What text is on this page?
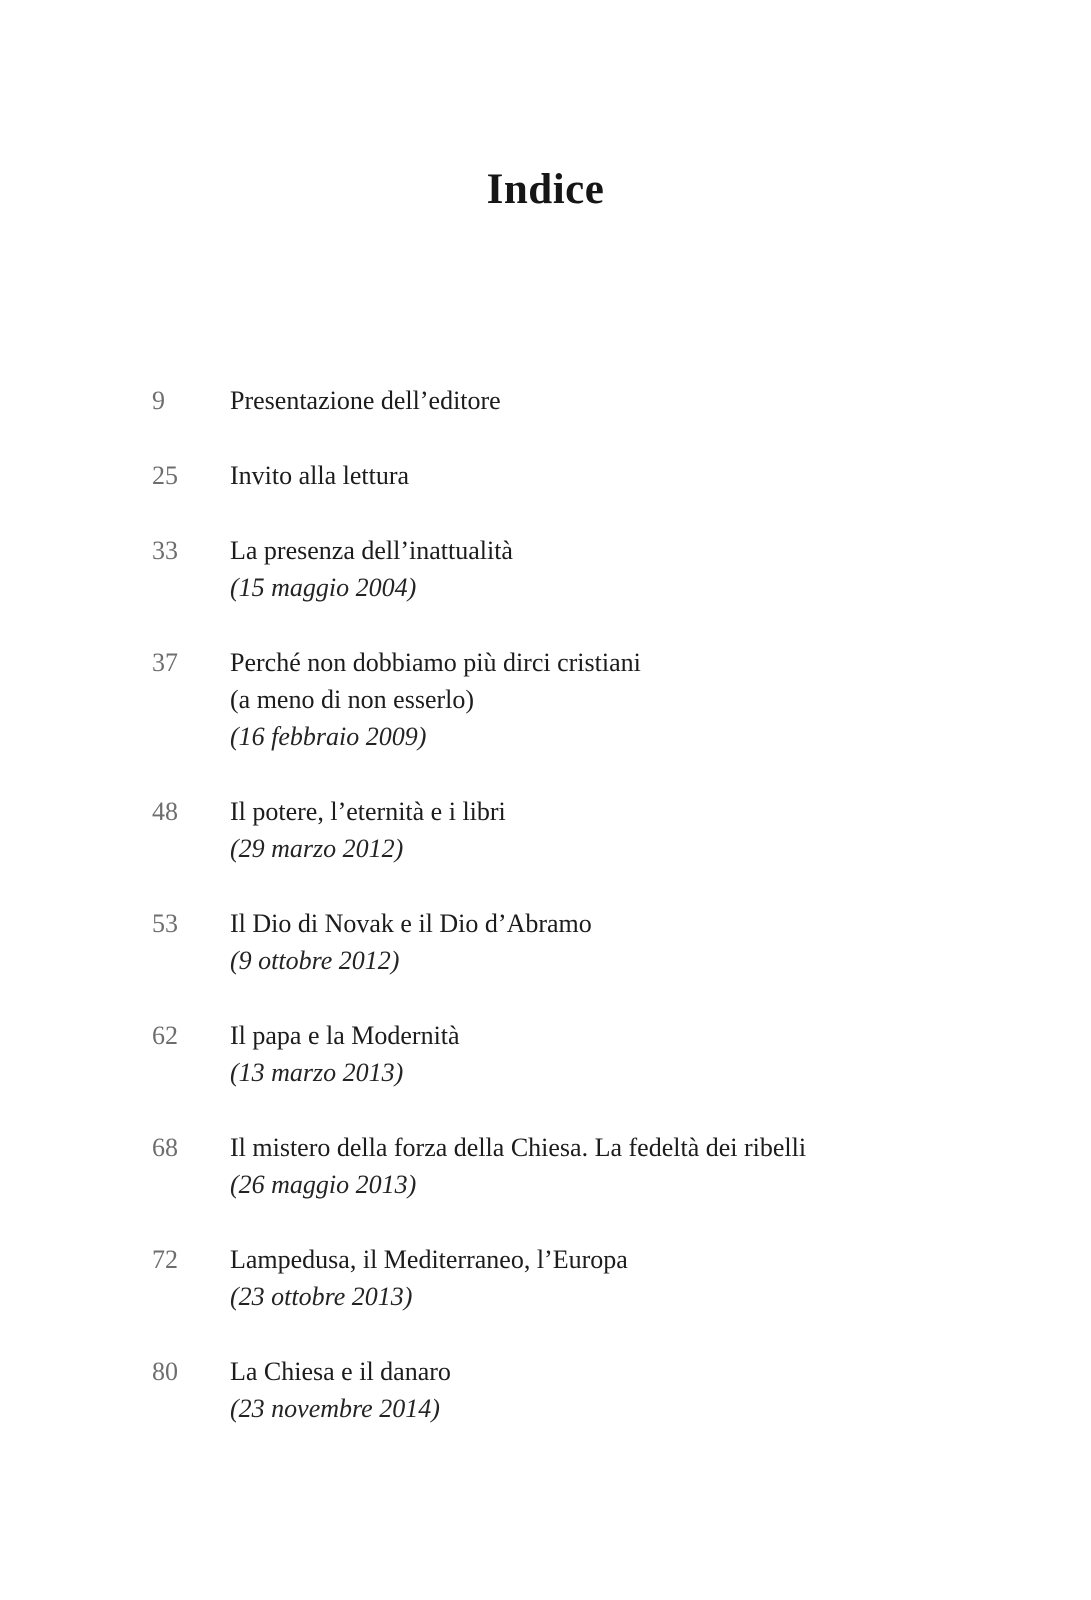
Indice
9	Presentazione dell’editore
25	Invito alla lettura
33	La presenza dell’inattualità
(15 maggio 2004)
37	Perché non dobbiamo più dirci cristiani
(a meno di non esserlo)
(16 febbraio 2009)
48	Il potere, l’eternità e i libri
(29 marzo 2012)
53	Il Dio di Novak e il Dio d’Abramo
(9 ottobre 2012)
62	Il papa e la Modernità
(13 marzo 2013)
68	Il mistero della forza della Chiesa. La fedeltà dei ribelli
(26 maggio 2013)
72	Lampedusa, il Mediterraneo, l’Europa
(23 ottobre 2013)
80	La Chiesa e il danaro
(23 novembre 2014)
